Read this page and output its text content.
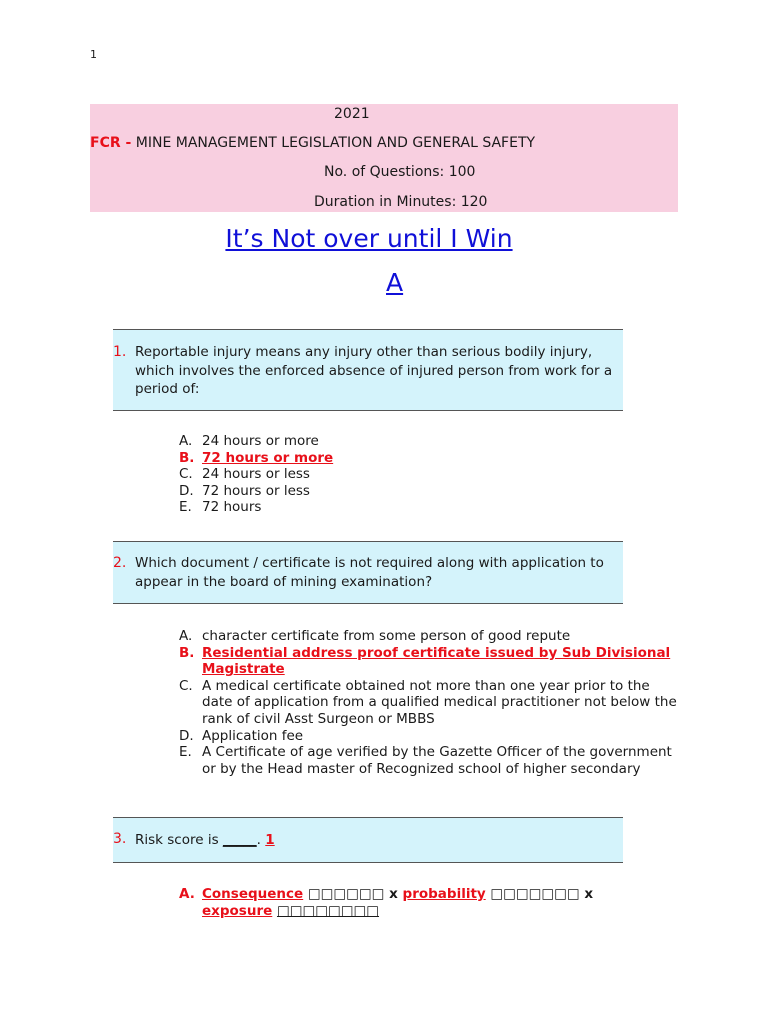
1
2021
FCR - MINE MANAGEMENT LEGISLATION AND GENERAL SAFETY
No. of Questions: 100
Duration in Minutes: 120
It’s Not over until I Win
A
1. Reportable injury means any injury other than serious bodily injury, which involves the enforced absence of injured person from work for a period of:
A. 24 hours or more
B. 72 hours or more
C. 24 hours or less
D. 72 hours or less
E. 72 hours
2. Which document / certificate is not required along with application to appear in the board of mining examination?
A. character certificate from some person of good repute
B. Residential address proof certificate issued by Sub Divisional Magistrate
C. A medical certificate obtained not more than one year prior to the date of application from a qualified medical practitioner not below the rank of civil Asst Surgeon or MBBS
D. Application fee
E. A Certificate of age verified by the Gazette Officer of the government or by the Head master of Recognized school of higher secondary
3. Risk score is _____. 1
A. Consequence □□□□□□ x probability □□□□□□□ x exposure □□□□□□□□
